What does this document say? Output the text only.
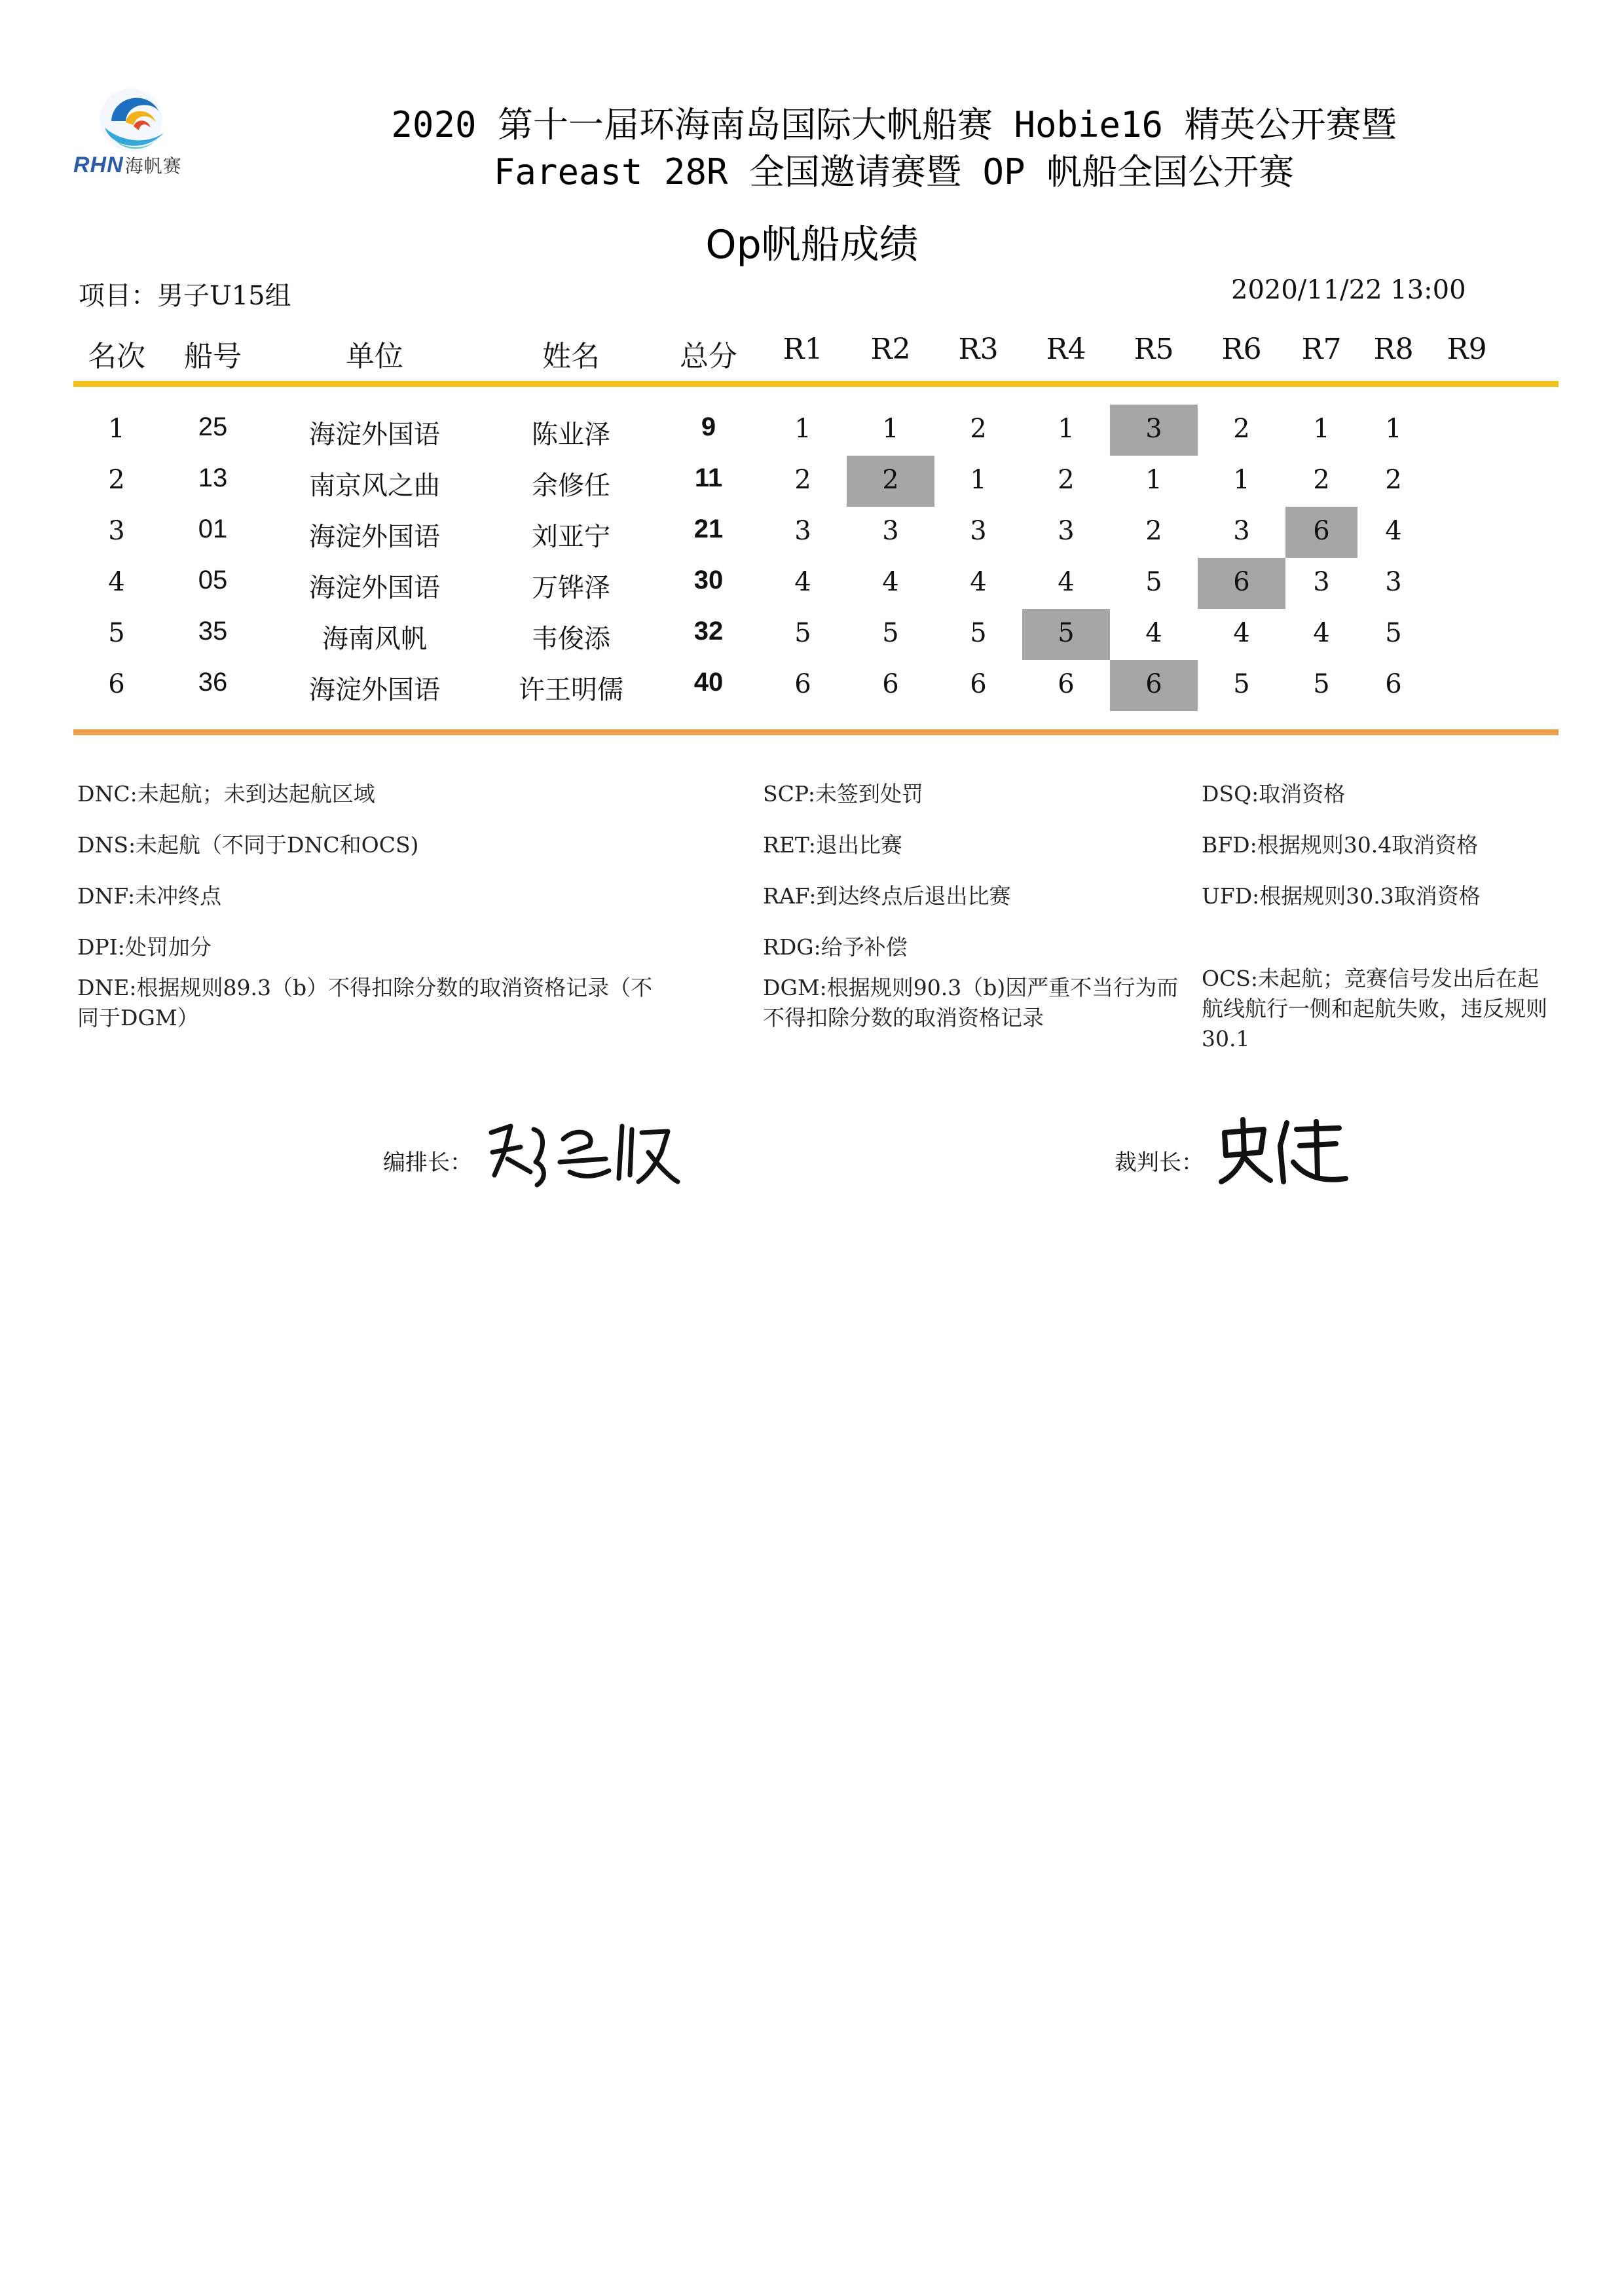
RHN海帆赛
2020 第十一届环海南岛国际大帆船赛 Hobie16 精英公开赛暨
Fareast 28R 全国邀请赛暨 OP 帆船全国公开赛
Op帆船成绩
项目：男子U15组	2020/11/22 13:00
名次	船号	单位	姓名	总分	R1	R2	R3	R4	R5	R6	R7	R8	R9
1	25	海淀外国语	陈业泽	9	1	1	2	1	3	2	1	1
2	13	南京风之曲	余修任	11	2	2	1	2	1	1	2	2
3	01	海淀外国语	刘亚宁	21	3	3	3	3	2	3	6	4
4	05	海淀外国语	万铧泽	30	4	4	4	4	5	6	3	3
5	35	海南风帆	韦俊添	32	5	5	5	5	4	4	4	5
6	36	海淀外国语	许王明儒	40	6	6	6	6	6	5	5	6
DNC:未起航；未到达起航区域
DNS:未起航（不同于DNC和OCS)
DNF:未冲终点
DPI:处罚加分
DNE:根据规则89.3（b）不得扣除分数的取消资格记录（不同于DGM）
SCP:未签到处罚
RET:退出比赛
RAF:到达终点后退出比赛
RDG:给予补偿
DGM:根据规则90.3（b)因严重不当行为而不得扣除分数的取消资格记录
DSQ:取消资格
BFD:根据规则30.4取消资格
UFD:根据规则30.3取消资格
OCS:未起航；竞赛信号发出后在起航线航行一侧和起航失败，违反规则30.1
编排长：	裁判长：
